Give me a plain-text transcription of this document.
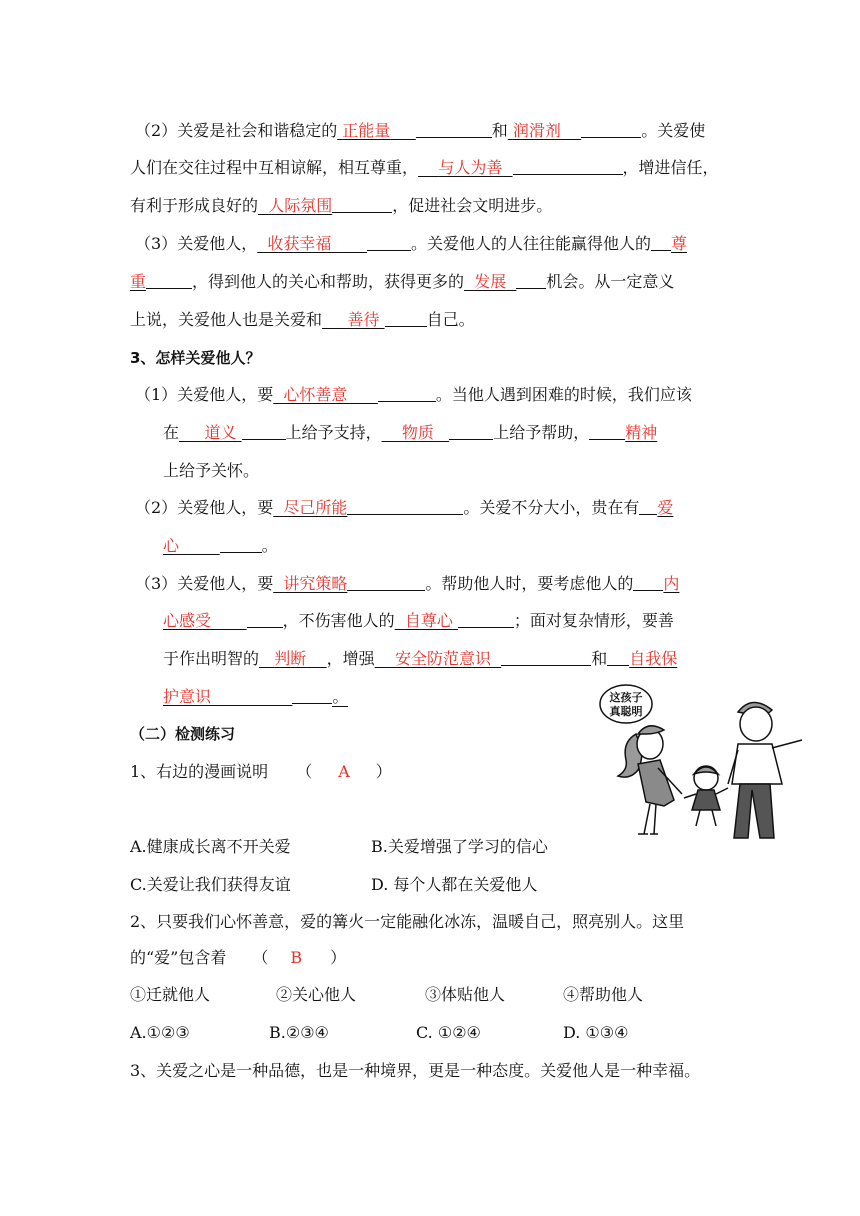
（2）关爱是社会和谐稳定的 正能量	和 润滑剂	。关爱使
人们在交往过程中互相谅解，相互尊重， 与人为善	，增进信任，
有利于形成良好的 人际氛围	，促进社会文明进步。
（3）关爱他人， 收获幸福	。关爱他人的人往往能赢得他人的 尊
重	，得到他人的关心和帮助，获得更多的 发展	机会。从一定意义
上说，关爱他人也是关爱和 善待	自己。
3、怎样关爱他人？
（1）关爱他人，要 心怀善意	。当他人遇到困难的时候，我们应该
在 道义	上给予支持， 物质	上给予帮助， 精神
上给予关怀。
（2）关爱他人，要 尽己所能	。关爱不分大小，贵在有 爱
心	。
（3）关爱他人，要 讲究策略	。帮助他人时，要考虑他人的 内
心感受	，不伤害他人的 自尊心	；面对复杂情形，要善
于作出明智的 判断 ，增强 安全防范意识	和 自我保
护意识	。
（二）检测练习
1、右边的漫画说明 （ A ）
这孩子
真聪明
A.健康成长离不开关爱	B.关爱增强了学习的信心
C.关爱让我们获得友谊	D. 每个人都在关爱他人
2、只要我们心怀善意，爱的篝火一定能融化冰冻，温暖自己，照亮别人。这里
的“爱”包含着 （ B ）
①迁就他人	②关心他人	③体贴他人	④帮助他人
A.①②③	B.②③④	C. ①②④	D. ①③④
3、关爱之心是一种品德，也是一种境界，更是一种态度。关爱他人是一种幸福。
